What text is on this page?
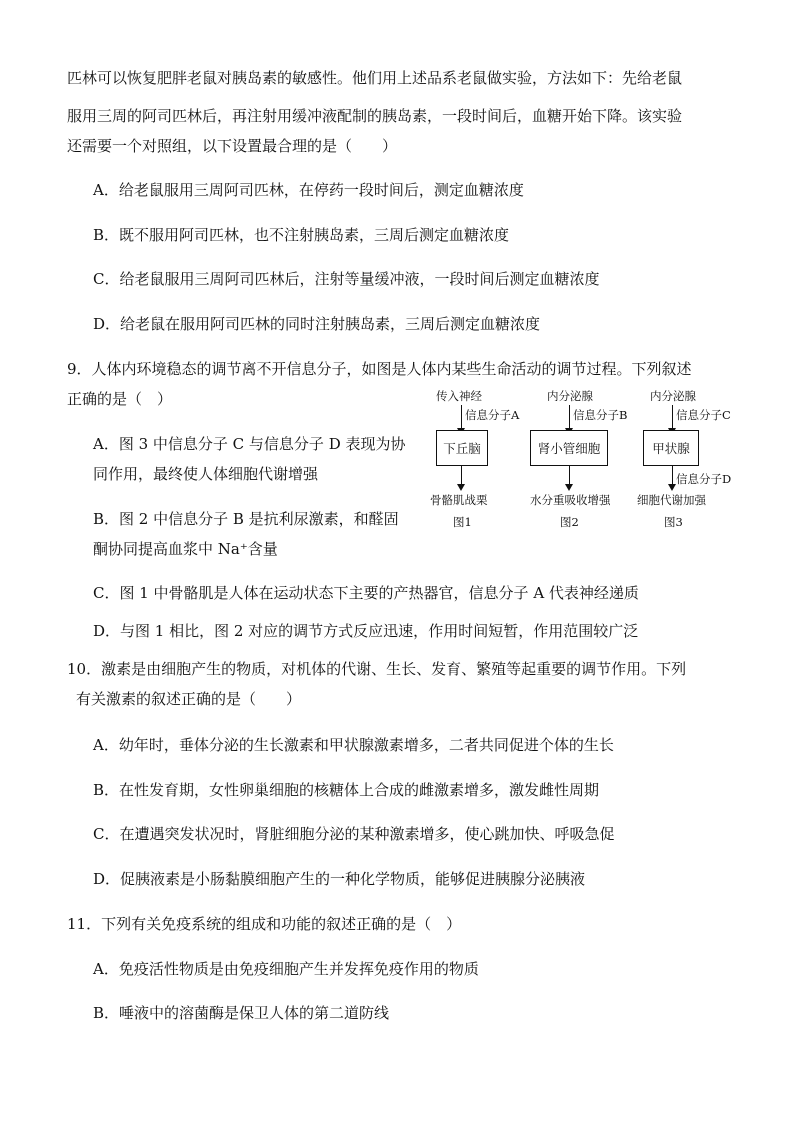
匹林可以恢复肥胖老鼠对胰岛素的敏感性。他们用上述品系老鼠做实验，方法如下：先给老鼠
服用三周的阿司匹林后，再注射用缓冲液配制的胰岛素，一段时间后，血糖开始下降。该实验
还需要一个对照组，以下设置最合理的是（　　）
A．给老鼠服用三周阿司匹林，在停药一段时间后，测定血糖浓度
B．既不服用阿司匹林，也不注射胰岛素，三周后测定血糖浓度
C．给老鼠服用三周阿司匹林后，注射等量缓冲液，一段时间后测定血糖浓度
D．给老鼠在服用阿司匹林的同时注射胰岛素，三周后测定血糖浓度
9．人体内环境稳态的调节离不开信息分子，如图是人体内某些生命活动的调节过程。下列叙述
正确的是（　）
A．图 3 中信息分子 C 与信息分子 D 表现为协
同作用，最终使人体细胞代谢增强
B．图 2 中信息分子 B 是抗利尿激素，和醛固
酮协同提高血浆中 Na⁺含量
C．图 1 中骨骼肌是人体在运动状态下主要的产热器官，信息分子 A 代表神经递质
D．与图 1 相比，图 2 对应的调节方式反应迅速，作用时间短暂，作用范围较广泛
传入神经
信息分子A
下丘脑
骨骼肌战栗
图1
内分泌腺
信息分子B
肾小管细胞
水分重吸收增强
图2
内分泌腺
信息分子C
甲状腺
信息分子D
细胞代谢加强
图3
10．激素是由细胞产生的物质，对机体的代谢、生长、发育、繁殖等起重要的调节作用。下列
有关激素的叙述正确的是（　　）
A．幼年时，垂体分泌的生长激素和甲状腺激素增多，二者共同促进个体的生长
B．在性发育期，女性卵巢细胞的核糖体上合成的雌激素增多，激发雌性周期
C．在遭遇突发状况时，肾脏细胞分泌的某种激素增多，使心跳加快、呼吸急促
D．促胰液素是小肠黏膜细胞产生的一种化学物质，能够促进胰腺分泌胰液
11．下列有关免疫系统的组成和功能的叙述正确的是（　）
A．免疫活性物质是由免疫细胞产生并发挥免疫作用的物质
B．唾液中的溶菌酶是保卫人体的第二道防线
